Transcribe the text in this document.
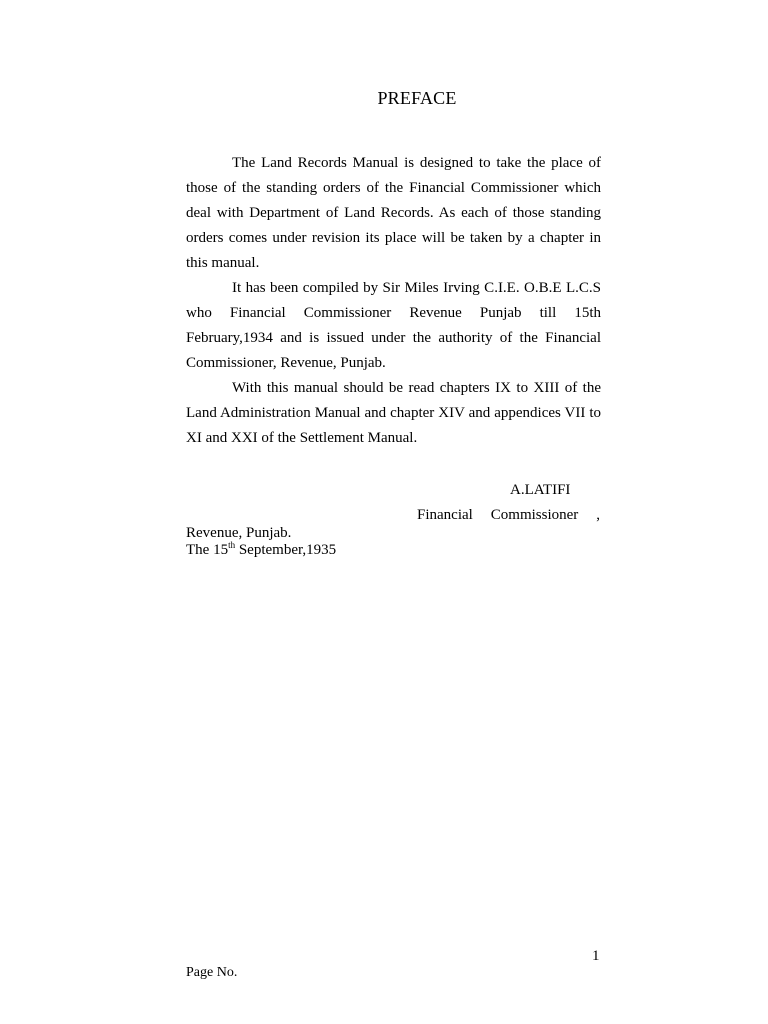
PREFACE

The Land Records Manual is designed to take the place of those of the standing orders of the Financial Commissioner which deal with Department of Land Records. As each of those standing orders comes under revision its place will be taken by a chapter in this manual.

It has been compiled by Sir Miles Irving C.I.E. O.B.E L.C.S who Financial Commissioner Revenue Punjab till 15th February,1934 and is issued under the authority of the Financial Commissioner, Revenue, Punjab.

With this manual should be read chapters IX to XIII of the Land Administration Manual and chapter XIV and appendices VII to XI and XXI of the Settlement Manual.

A.LATIFI
Financial Commissioner ,
Revenue, Punjab.
The 15th September,1935
1
Page No.
